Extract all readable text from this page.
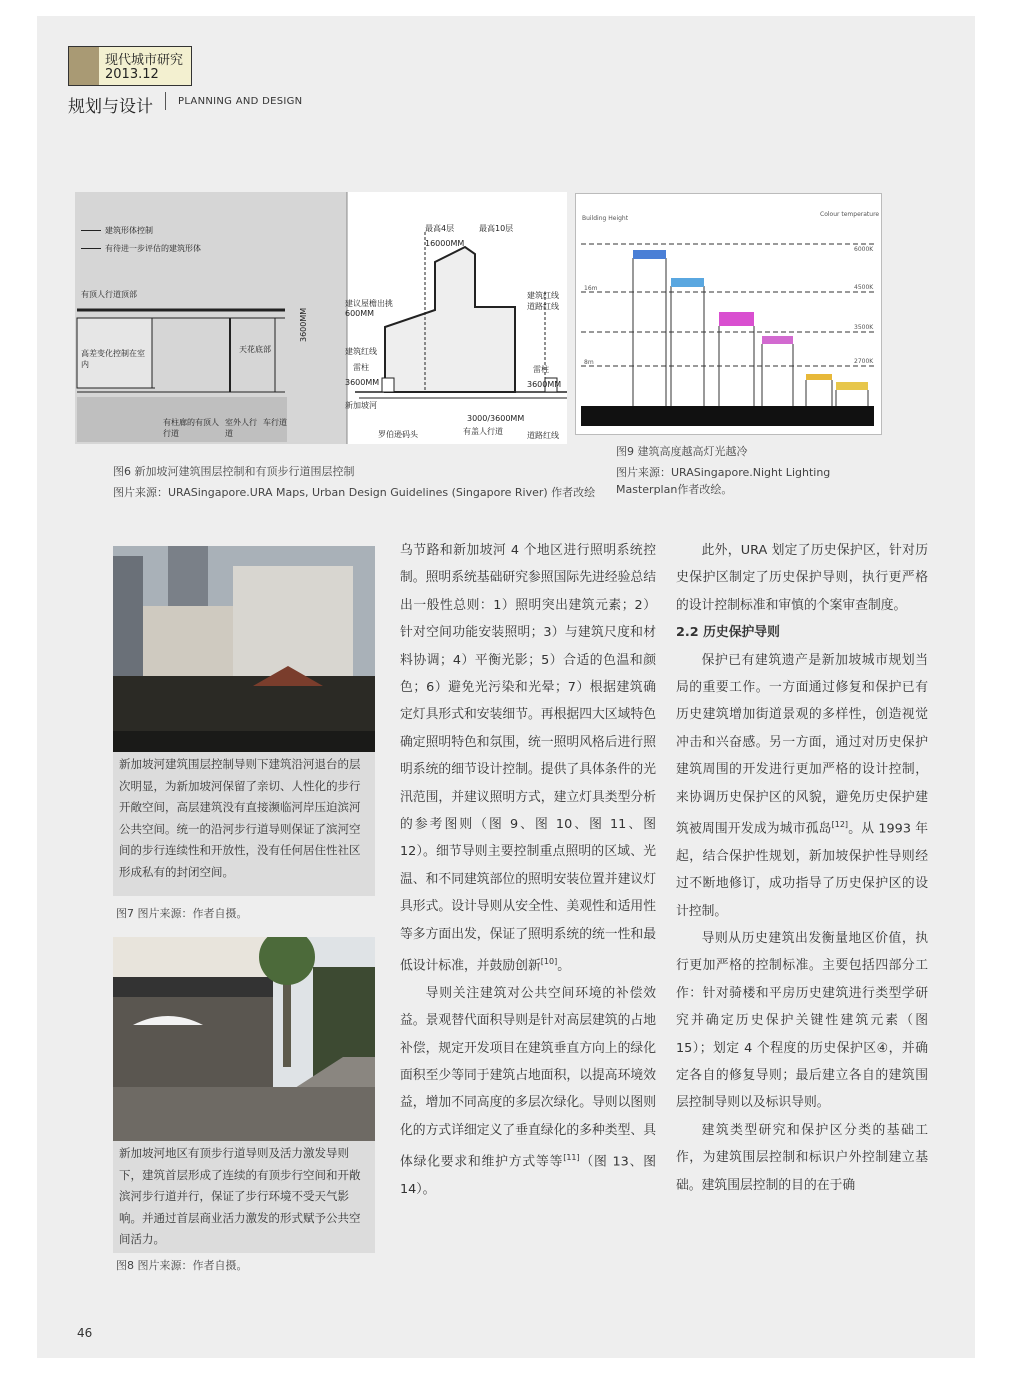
现代城市研究
2013.12
规划与设计	PLANNING AND DESIGN
建筑形体控制
有待进一步评估的建筑形体
有顶人行道顶部
高差变化控制在室内
天花底部
3600MM
有柱廊的有顶人行道
室外人行道
车行道
最高4层	最高10层
16000MM
建议屋檐出挑600MM
建筑红线
雷柱
3600MM
新加坡河
罗伯逊码头
3000/3600MM
有盖人行道
建筑红线道路红线
雷柱
3600MM
道路红线
Building Height
Colour temperature
16m
8m
6000K
4500K
3500K
2700K
图6 新加坡河建筑围层控制和有顶步行道围层控制
图片来源：URASingapore.URA Maps, Urban Design Guidelines (Singapore River) 作者改绘
图9 建筑高度越高灯光越冷
图片来源：URASingapore.Night Lighting Masterplan作者改绘。
新加坡河建筑围层控制导则下建筑沿河退台的层次明显，为新加坡河保留了亲切、人性化的步行开敞空间，高层建筑没有直接濒临河岸压迫滨河公共空间。统一的沿河步行道导则保证了滨河空间的步行连续性和开放性，没有任何居住性社区形成私有的封闭空间。
图7 图片来源：作者自摄。
新加坡河地区有顶步行道导则及活力激发导则下，建筑首层形成了连续的有顶步行空间和开敞滨河步行道并行，保证了步行环境不受天气影响。并通过首层商业活力激发的形式赋予公共空间活力。
图8 图片来源：作者自摄。

乌节路和新加坡河 4 个地区进行照明系统控制。照明系统基础研究参照国际先进经验总结出一般性总则：1）照明突出建筑元素；2）针对空间功能安装照明；3）与建筑尺度和材料协调；4）平衡光影；5）合适的色温和颜色；6）避免光污染和光晕；7）根据建筑确定灯具形式和安装细节。再根据四大区域特色确定照明特色和氛围，统一照明风格后进行照明系统的细节设计控制。提供了具体条件的光汛范围，并建议照明方式，建立灯具类型分析的参考图则（图 9、图 10、图 11、图 12）。细节导则主要控制重点照明的区域、光温、和不同建筑部位的照明安装位置并建议灯具形式。设计导则从安全性、美观性和适用性等多方面出发，保证了照明系统的统一性和最低设计标准，并鼓励创新[10]。

导则关注建筑对公共空间环境的补偿效益。景观替代面积导则是针对高层建筑的占地补偿，规定开发项目在建筑垂直方向上的绿化面积至少等同于建筑占地面积，以提高环境效益，增加不同高度的多层次绿化。导则以图则化的方式详细定义了垂直绿化的多种类型、具体绿化要求和维护方式等等[11]（图 13、图 14）。

此外，URA 划定了历史保护区，针对历史保护区制定了历史保护导则，执行更严格的设计控制标准和审慎的个案审查制度。

2.2 历史保护导则

保护已有建筑遗产是新加坡城市规划当局的重要工作。一方面通过修复和保护已有历史建筑增加街道景观的多样性，创造视觉冲击和兴奋感。另一方面，通过对历史保护建筑周围的开发进行更加严格的设计控制，来协调历史保护区的风貌，避免历史保护建筑被周围开发成为城市孤岛[12]。从 1993 年起，结合保护性规划，新加坡保护性导则经过不断地修订，成功指导了历史保护区的设计控制。

导则从历史建筑出发衡量地区价值，执行更加严格的控制标准。主要包括四部分工作：针对骑楼和平房历史建筑进行类型学研究并确定历史保护关键性建筑元素（图 15）；划定 4 个程度的历史保护区④，并确定各自的修复导则；最后建立各自的建筑围层控制导则以及标识导则。

建筑类型研究和保护区分类的基础工作，为建筑围层控制和标识户外控制建立基础。建筑围层控制的目的在于确

46
